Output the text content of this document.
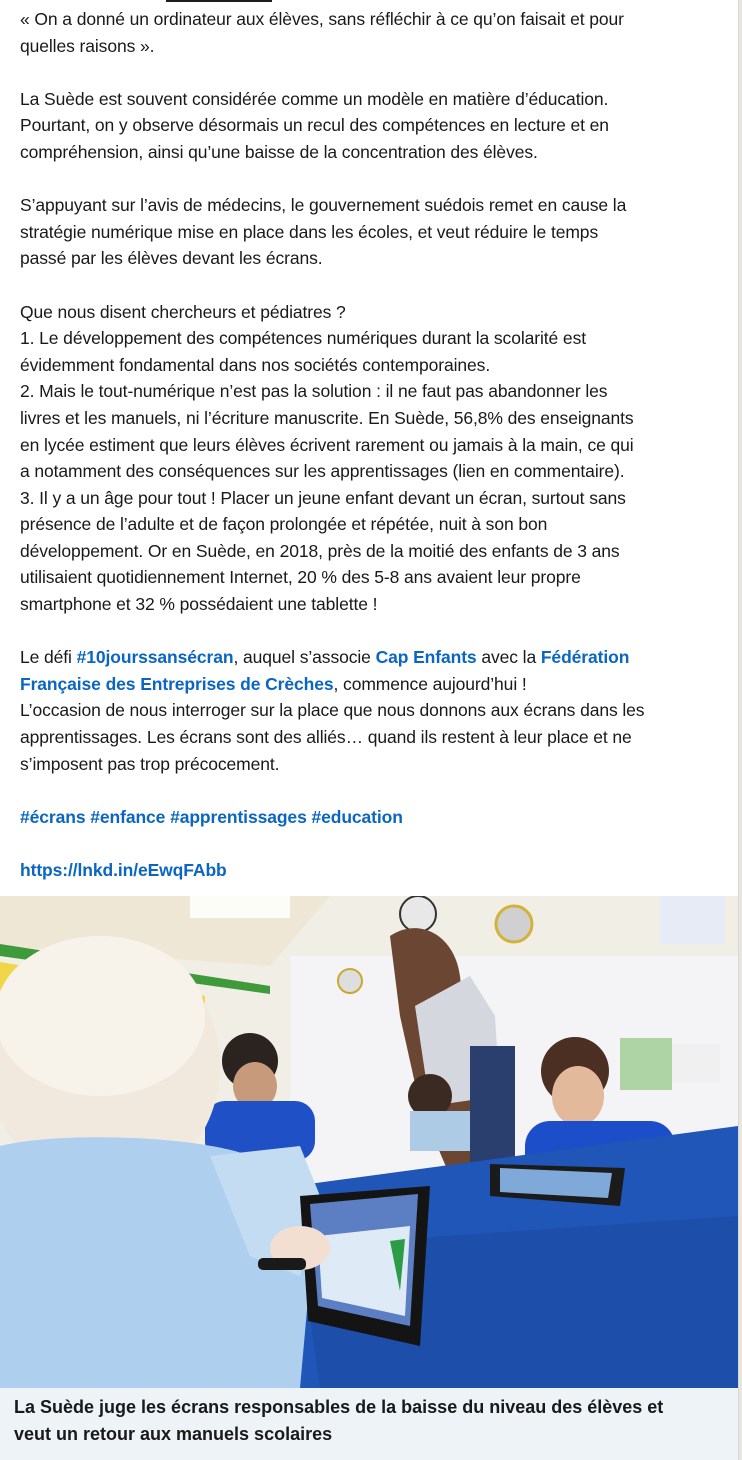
« On a donné un ordinateur aux élèves, sans réfléchir à ce qu’on faisait et pour
quelles raisons ».
La Suède est souvent considérée comme un modèle en matière d’éducation.
Pourtant, on y observe désormais un recul des compétences en lecture et en
compréhension, ainsi qu’une baisse de la concentration des élèves.
S’appuyant sur l’avis de médecins, le gouvernement suédois remet en cause la
stratégie numérique mise en place dans les écoles, et veut réduire le temps
passé par les élèves devant les écrans.
Que nous disent chercheurs et pédiatres ?
1. Le développement des compétences numériques durant la scolarité est
évidemment fondamental dans nos sociétés contemporaines.
2. Mais le tout-numérique n’est pas la solution : il ne faut pas abandonner les
livres et les manuels, ni l’écriture manuscrite. En Suède, 56,8% des enseignants
en lycée estiment que leurs élèves écrivent rarement ou jamais à la main, ce qui
a notamment des conséquences sur les apprentissages (lien en commentaire).
3. Il y a un âge pour tout ! Placer un jeune enfant devant un écran, surtout sans
présence de l’adulte et de façon prolongée et répétée, nuit à son bon
développement. Or en Suède, en 2018, près de la moitié des enfants de 3 ans
utilisaient quotidiennement Internet, 20 % des 5-8 ans avaient leur propre
smartphone et 32 % possédaient une tablette !
Le défi #10jourssansécran, auquel s’associe Cap Enfants avec la Fédération
Française des Entreprises de Crèches, commence aujourd’hui !
L’occasion de nous interroger sur la place que nous donnons aux écrans dans les
apprentissages. Les écrans sont des alliés… quand ils restent à leur place et ne
s’imposent pas trop précocement.
#écrans #enfance #apprentissages #education
https://lnkd.in/eEwqFAbb
La Suède juge les écrans responsables de la baisse du niveau des élèves et
veut un retour aux manuels scolaires
